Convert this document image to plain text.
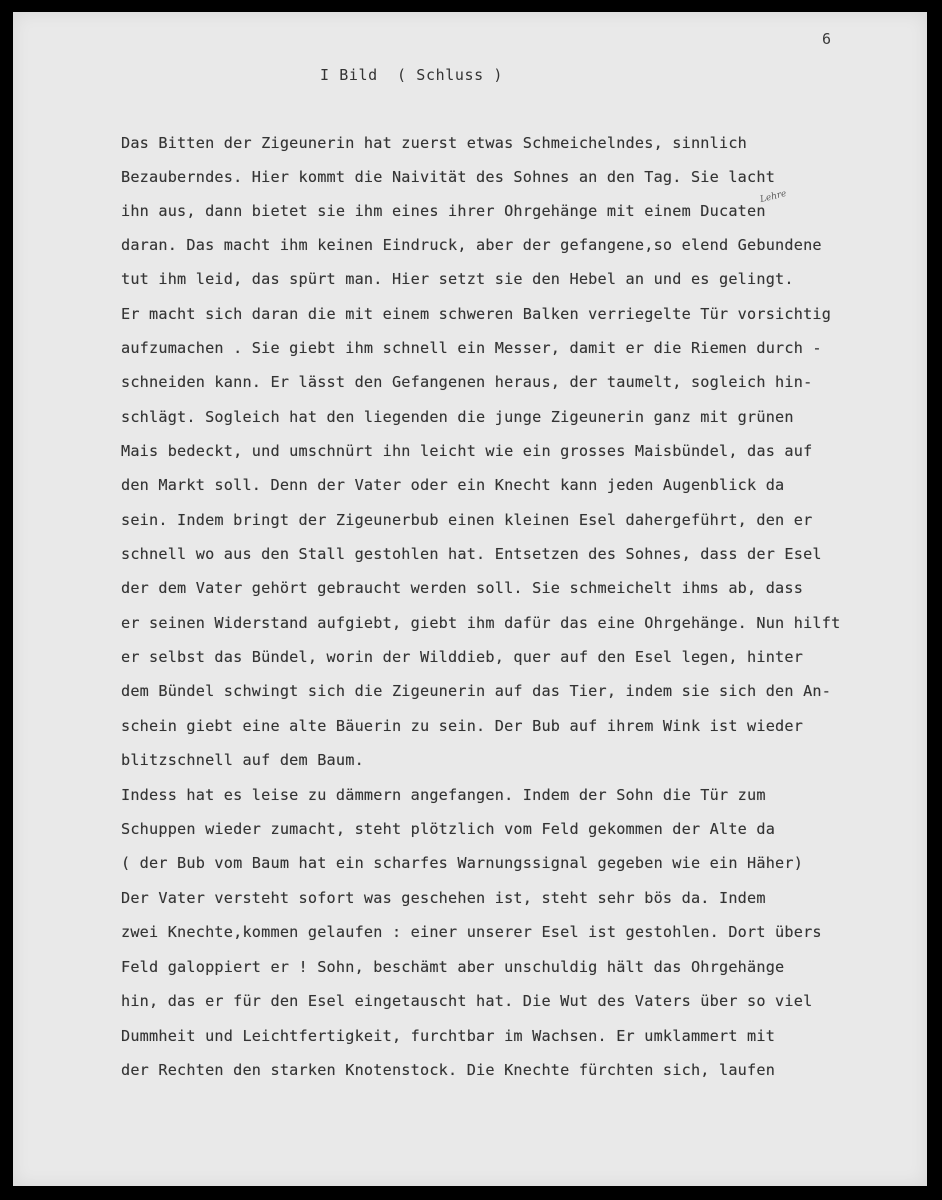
6
I Bild  ( Schluss )
Lehre
Das Bitten der Zigeunerin hat zuerst etwas Schmeichelndes, sinnlich
Bezauberndes. Hier kommt die Naivität des Sohnes an den Tag. Sie lacht
ihn aus, dann bietet sie ihm eines ihrer Ohrgehänge mit einem Ducaten
daran. Das macht ihm keinen Eindruck, aber der gefangene,so elend Gebundene
tut ihm leid, das spürt man. Hier setzt sie den Hebel an und es gelingt.
Er macht sich daran die mit einem schweren Balken verriegelte Tür vorsichtig
aufzumachen . Sie giebt ihm schnell ein Messer, damit er die Riemen durch -
schneiden kann. Er lässt den Gefangenen heraus, der taumelt, sogleich hin-
schlägt. Sogleich hat den liegenden die junge Zigeunerin ganz mit grünen
Mais bedeckt, und umschnürt ihn leicht wie ein grosses Maisbündel, das auf
den Markt soll. Denn der Vater oder ein Knecht kann jeden Augenblick da
sein. Indem bringt der Zigeunerbub einen kleinen Esel dahergeführt, den er
schnell wo aus den Stall gestohlen hat. Entsetzen des Sohnes, dass der Esel
der dem Vater gehört gebraucht werden soll. Sie schmeichelt ihms ab, dass
er seinen Widerstand aufgiebt, giebt ihm dafür das eine Ohrgehänge. Nun hilft
er selbst das Bündel, worin der Wilddieb, quer auf den Esel legen, hinter
dem Bündel schwingt sich die Zigeunerin auf das Tier, indem sie sich den An-
schein giebt eine alte Bäuerin zu sein. Der Bub auf ihrem Wink ist wieder
blitzschnell auf dem Baum.
Indess hat es leise zu dämmern angefangen. Indem der Sohn die Tür zum
Schuppen wieder zumacht, steht plötzlich vom Feld gekommen der Alte da
( der Bub vom Baum hat ein scharfes Warnungssignal gegeben wie ein Häher)
Der Vater versteht sofort was geschehen ist, steht sehr bös da. Indem
zwei Knechte,kommen gelaufen : einer unserer Esel ist gestohlen. Dort übers
Feld galoppiert er ! Sohn, beschämt aber unschuldig hält das Ohrgehänge
hin, das er für den Esel eingetauscht hat. Die Wut des Vaters über so viel
Dummheit und Leichtfertigkeit, furchtbar im Wachsen. Er umklammert mit
der Rechten den starken Knotenstock. Die Knechte fürchten sich, laufen
